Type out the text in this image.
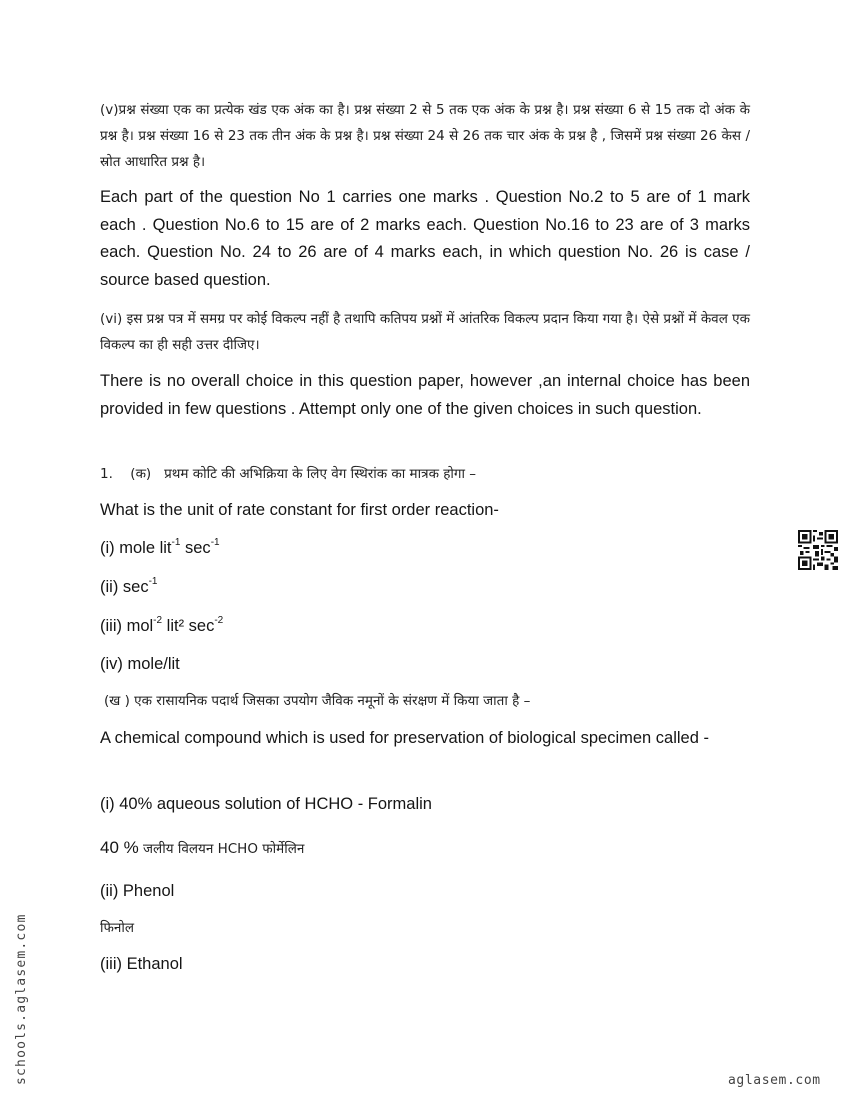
(v)प्रश्न संख्या एक का प्रत्येक खंड एक अंक का है। प्रश्न संख्या 2 से 5 तक एक अंक के प्रश्न है। प्रश्न संख्या 6 से 15 तक दो अंक के प्रश्न है। प्रश्न संख्या 16 से 23 तक तीन अंक के प्रश्न है। प्रश्न संख्या 24 से 26 तक चार अंक के प्रश्न है , जिसमें प्रश्न संख्या 26 केस / स्रोत आधारित प्रश्न है।
Each part of the question No 1 carries one marks . Question No.2 to 5 are of 1 mark each . Question No.6 to 15 are of 2 marks each. Question No.16 to 23 are of 3 marks each. Question No. 24 to 26 are of 4 marks each, in which question No. 26 is case / source based question.
(vi) इस प्रश्न पत्र में समग्र पर कोई विकल्प नहीं है तथापि कतिपय प्रश्नों में आंतरिक विकल्प प्रदान किया गया है। ऐसे प्रश्नों में केवल एक विकल्प का ही सही उत्तर दीजिए।
There is no overall choice in this question paper, however ,an internal choice has been provided in few questions . Attempt only one of the given choices in such question.
1. (क) प्रथम कोटि की अभिक्रिया के लिए वेग स्थिरांक का मात्रक होगा –
What is the unit of rate constant for first order reaction-
(i) mole lit$^{-1}$ $\sec^{-1}$
(ii) $\sec^{-1}$
(iii) mol$^{-2}$ lit² $\sec^{-2}$
(iv) mole/lit
(ख ) एक रासायनिक पदार्थ जिसका उपयोग जैविक नमूनों के संरक्षण में किया जाता है –
A chemical compound which is used for preservation of biological specimen called -
(i) 40% aqueous solution of HCHO - Formalin
40 % जलीय विलयन HCHO फोर्मेलिन
(ii) Phenol
फिनोल
(iii) Ethanol
schools.aglasem.com	aglasem.com
